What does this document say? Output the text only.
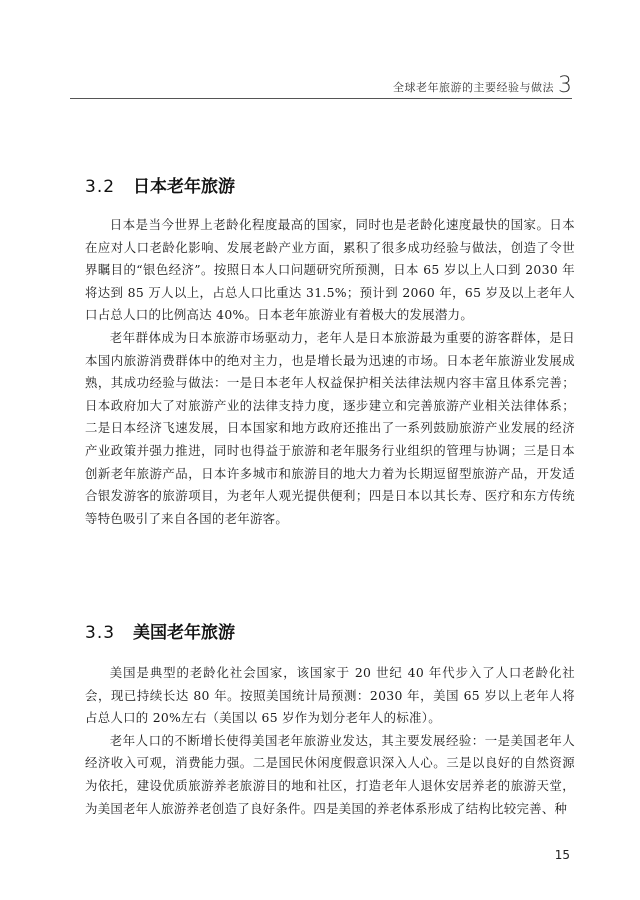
全球老年旅游的主要经验与做法 3
3.2 日本老年旅游

日本是当今世界上老龄化程度最高的国家，同时也是老龄化速度最快的国家。日本在应对人口老龄化影响、发展老龄产业方面，累积了很多成功经验与做法，创造了令世界瞩目的“银色经济”。按照日本人口问题研究所预测，日本 65 岁以上人口到 2030 年将达到 85 万人以上，占总人口比重达 31.5%；预计到 2060 年，65 岁及以上老年人口占总人口的比例高达 40%。日本老年旅游业有着极大的发展潜力。

老年群体成为日本旅游市场驱动力，老年人是日本旅游最为重要的游客群体，是日本国内旅游消费群体中的绝对主力，也是增长最为迅速的市场。日本老年旅游业发展成熟，其成功经验与做法：一是日本老年人权益保护相关法律法规内容丰富且体系完善；日本政府加大了对旅游产业的法律支持力度，逐步建立和完善旅游产业相关法律体系；二是日本经济飞速发展，日本国家和地方政府还推出了一系列鼓励旅游产业发展的经济产业政策并强力推进，同时也得益于旅游和老年服务行业组织的管理与协调；三是日本创新老年旅游产品，日本许多城市和旅游目的地大力着为长期逗留型旅游产品，开发适合银发游客的旅游项目，为老年人观光提供便利；四是日本以其长寿、医疗和东方传统等特色吸引了来自各国的老年游客。

3.3 美国老年旅游

美国是典型的老龄化社会国家，该国家于 20 世纪 40 年代步入了人口老龄化社会，现已持续长达 80 年。按照美国统计局预测：2030 年，美国 65 岁以上老年人将占总人口的 20%左右（美国以 65 岁作为划分老年人的标准）。

老年人口的不断增长使得美国老年旅游业发达，其主要发展经验：一是美国老年人经济收入可观，消费能力强。二是国民休闲度假意识深入人心。三是以良好的自然资源为依托，建设优质旅游养老旅游目的地和社区，打造老年人退休安居养老的旅游天堂，为美国老年人旅游养老创造了良好条件。四是美国的养老体系形成了结构比较完善、种

15
